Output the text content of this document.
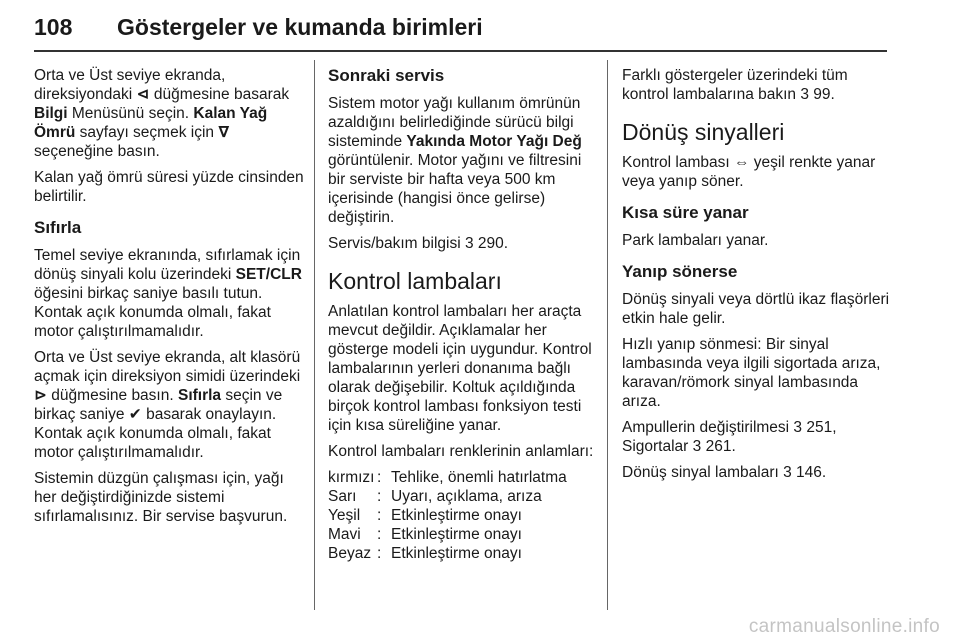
108 Göstergeler ve kumanda birimleri

Orta ve Üst seviye ekranda, direksiyondaki ⊲ düğmesine basarak Bilgi Menüsünü seçin. Kalan Yağ Ömrü sayfayı seçmek için ∇ seçeneğine basın.

Kalan yağ ömrü süresi yüzde cinsinden belirtilir.

Sıfırla

Temel seviye ekranında, sıfırlamak için dönüş sinyali kolu üzerindeki SET/CLR öğesini birkaç saniye basılı tutun. Kontak açık konumda olmalı, fakat motor çalıştırılmamalıdır.

Orta ve Üst seviye ekranda, alt klasörü açmak için direksiyon simidi üzerindeki ⊳ düğmesine basın. Sıfırla seçin ve birkaç saniye ✔ basarak onaylayın. Kontak açık konumda olmalı, fakat motor çalıştırılmamalıdır.

Sistemin düzgün çalışması için, yağı her değiştirdiğinizde sistemi sıfırlamalısınız. Bir servise başvurun.

Sonraki servis

Sistem motor yağı kullanım ömrünün azaldığını belirlediğinde sürücü bilgi sisteminde Yakında Motor Yağı Değ görüntülenir. Motor yağını ve filtresini bir serviste bir hafta veya 500 km içerisinde (hangisi önce gelirse) değiştirin.

Servis/bakım bilgisi 3 290.

Kontrol lambaları

Anlatılan kontrol lambaları her araçta mevcut değildir. Açıklamalar her gösterge modeli için uygundur. Kontrol lambalarının yerleri donanıma bağlı olarak değişebilir. Koltuk açıldığında birçok kontrol lambası fonksiyon testi için kısa süreliğine yanar.

Kontrol lambaları renklerinin anlamları:

kırmızı	:	Tehlike, önemli hatırlatma
Sarı	:	Uyarı, açıklama, arıza
Yeşil	:	Etkinleştirme onayı
Mavi	:	Etkinleştirme onayı
Beyaz	:	Etkinleştirme onayı

Farklı göstergeler üzerindeki tüm kontrol lambalarına bakın 3 99.

Dönüş sinyalleri

Kontrol lambası ⇔ yeşil renkte yanar veya yanıp söner.

Kısa süre yanar

Park lambaları yanar.

Yanıp sönerse

Dönüş sinyali veya dörtlü ikaz flaşörleri etkin hale gelir.

Hızlı yanıp sönmesi: Bir sinyal lambasında veya ilgili sigortada arıza, karavan/römork sinyal lambasında arıza.

Ampullerin değiştirilmesi 3 251,
Sigortalar 3 261.

Dönüş sinyal lambaları 3 146.

carmanualsonline.info
